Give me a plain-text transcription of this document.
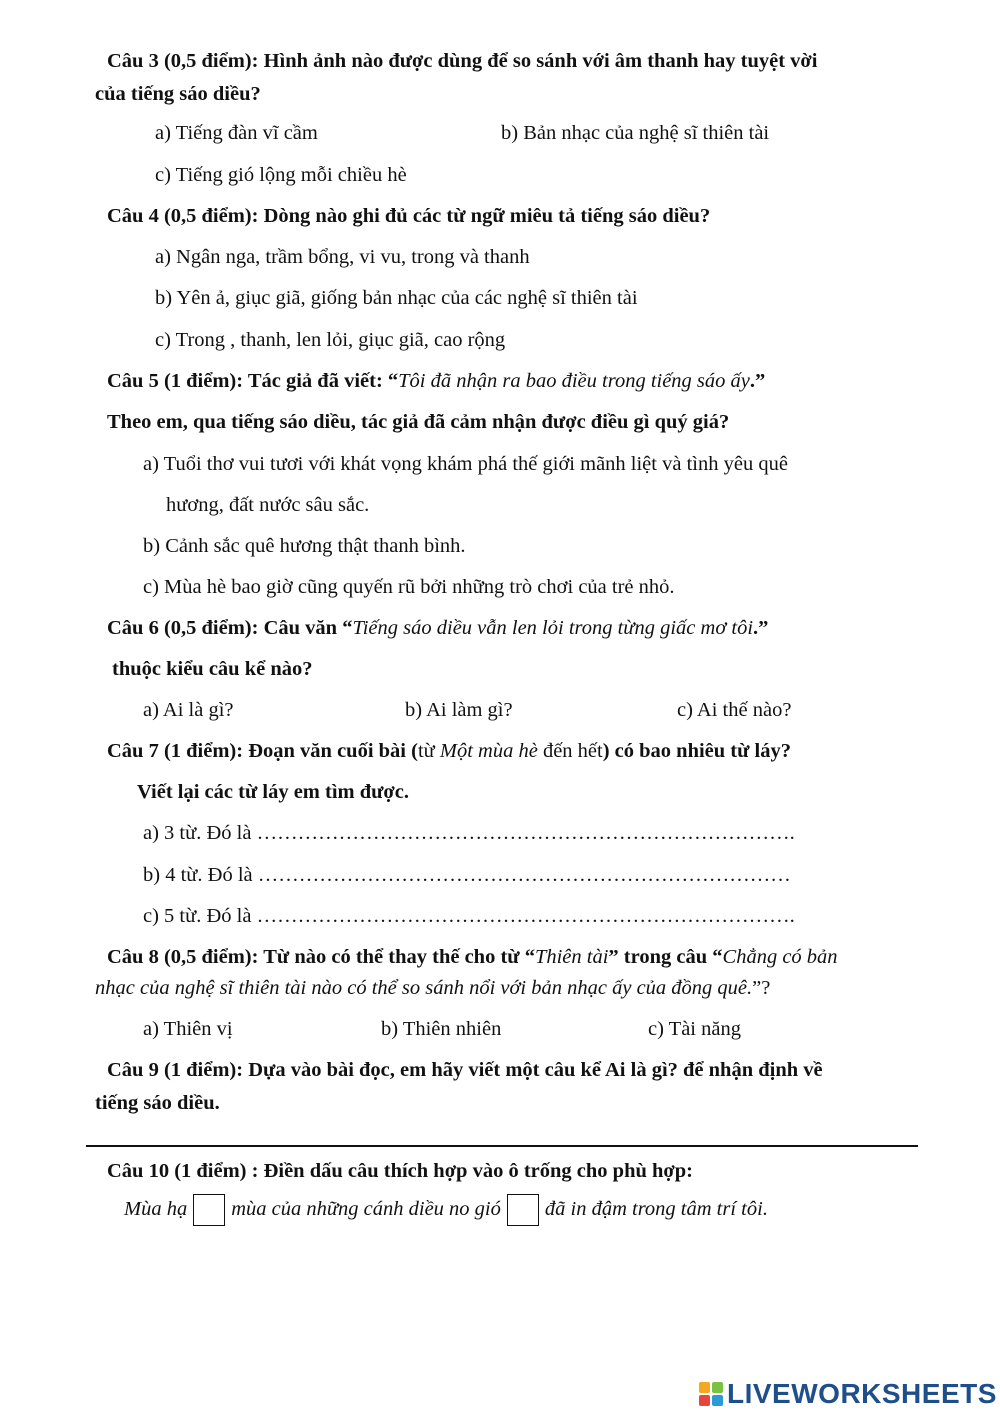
Câu 3 (0,5 điểm): Hình ảnh nào được dùng để so sánh với âm thanh hay tuyệt vời
của tiếng sáo diều?
a) Tiếng đàn vĩ cầm	b) Bản nhạc của nghệ sĩ thiên tài
c) Tiếng gió lộng mỗi chiều hè
Câu 4 (0,5 điểm): Dòng nào ghi đủ các từ ngữ miêu tả tiếng sáo diều?
a) Ngân nga, trầm bổng, vi vu, trong và thanh
b) Yên ả, giục giã, giống bản nhạc của các nghệ sĩ thiên tài
c) Trong , thanh, len lỏi, giục giã, cao rộng
Câu 5 (1 điểm): Tác giả đã viết: “Tôi đã nhận ra bao điều trong tiếng sáo ấy.”
Theo em, qua tiếng sáo diều, tác giả đã cảm nhận được điều gì quý giá?
a) Tuổi thơ vui tươi với khát vọng khám phá thế giới mãnh liệt và tình yêu quê
hương, đất nước sâu sắc.
b) Cảnh sắc quê hương thật thanh bình.
c) Mùa hè bao giờ cũng quyến rũ bởi những trò chơi của trẻ nhỏ.
Câu 6 (0,5 điểm): Câu văn “Tiếng sáo diều vẫn len lỏi trong từng giấc mơ tôi.”
thuộc kiểu câu kể nào?
a) Ai là gì?	b) Ai làm gì?	c) Ai thế nào?
Câu 7 (1 điểm): Đoạn văn cuối bài (từ Một mùa hè đến hết) có bao nhiêu từ láy?
Viết lại các từ láy em tìm được.
a) 3 từ. Đó là …………………………………………………………………….
b) 4 từ. Đó là ……………………………………………………………………
c) 5 từ. Đó là …………………………………………………………………….
Câu 8 (0,5 điểm): Từ nào có thể thay thế cho từ “Thiên tài” trong câu “Chẳng có bản
nhạc của nghệ sĩ thiên tài nào có thể so sánh nổi với bản nhạc ấy của đồng quê.”?
a) Thiên vị	b) Thiên nhiên	c) Tài năng
Câu 9 (1 điểm): Dựa vào bài đọc, em hãy viết một câu kể Ai là gì? để nhận định về
tiếng sáo diều.
Câu 10 (1 điểm) : Điền dấu câu thích hợp vào ô trống cho phù hợp:
Mùa hạ mùa của những cánh diều no gió đã in đậm trong tâm trí tôi.
LIVEWORKSHEETS
